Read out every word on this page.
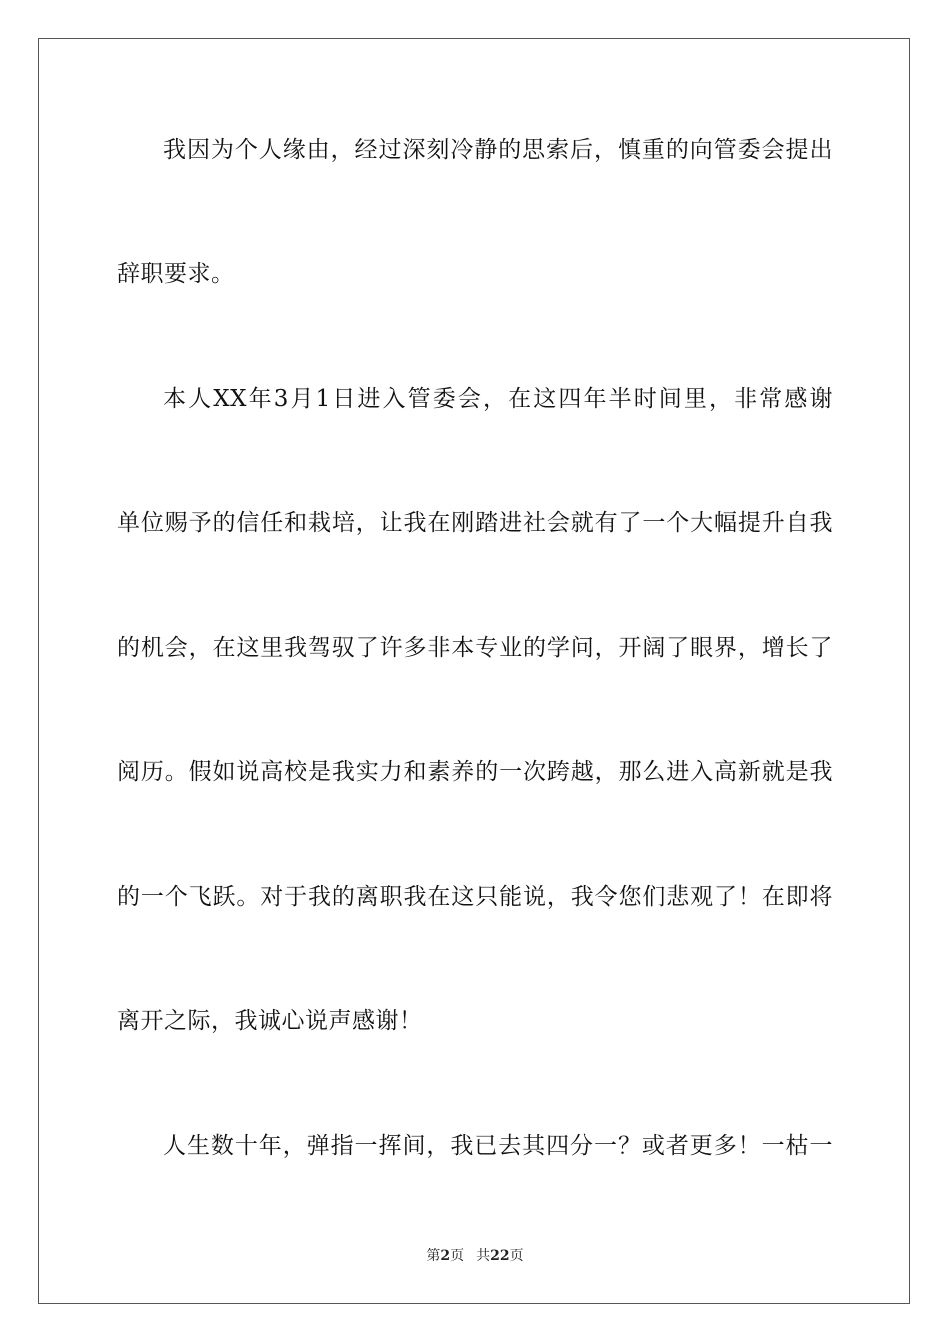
我因为个人缘由，经过深刻冷静的思索后，慎重的向管委会提出
辞职要求。
本人XX年3月1日进入管委会，在这四年半时间里，非常感谢
单位赐予的信任和栽培，让我在刚踏进社会就有了一个大幅提升自我
的机会，在这里我驾驭了许多非本专业的学问，开阔了眼界，增长了
阅历。假如说高校是我实力和素养的一次跨越，那么进入高新就是我
的一个飞跃。对于我的离职我在这只能说，我令您们悲观了！在即将
离开之际，我诚心说声感谢！
人生数十年，弹指一挥间，我已去其四分一？或者更多！一枯一
第2页 共22页
